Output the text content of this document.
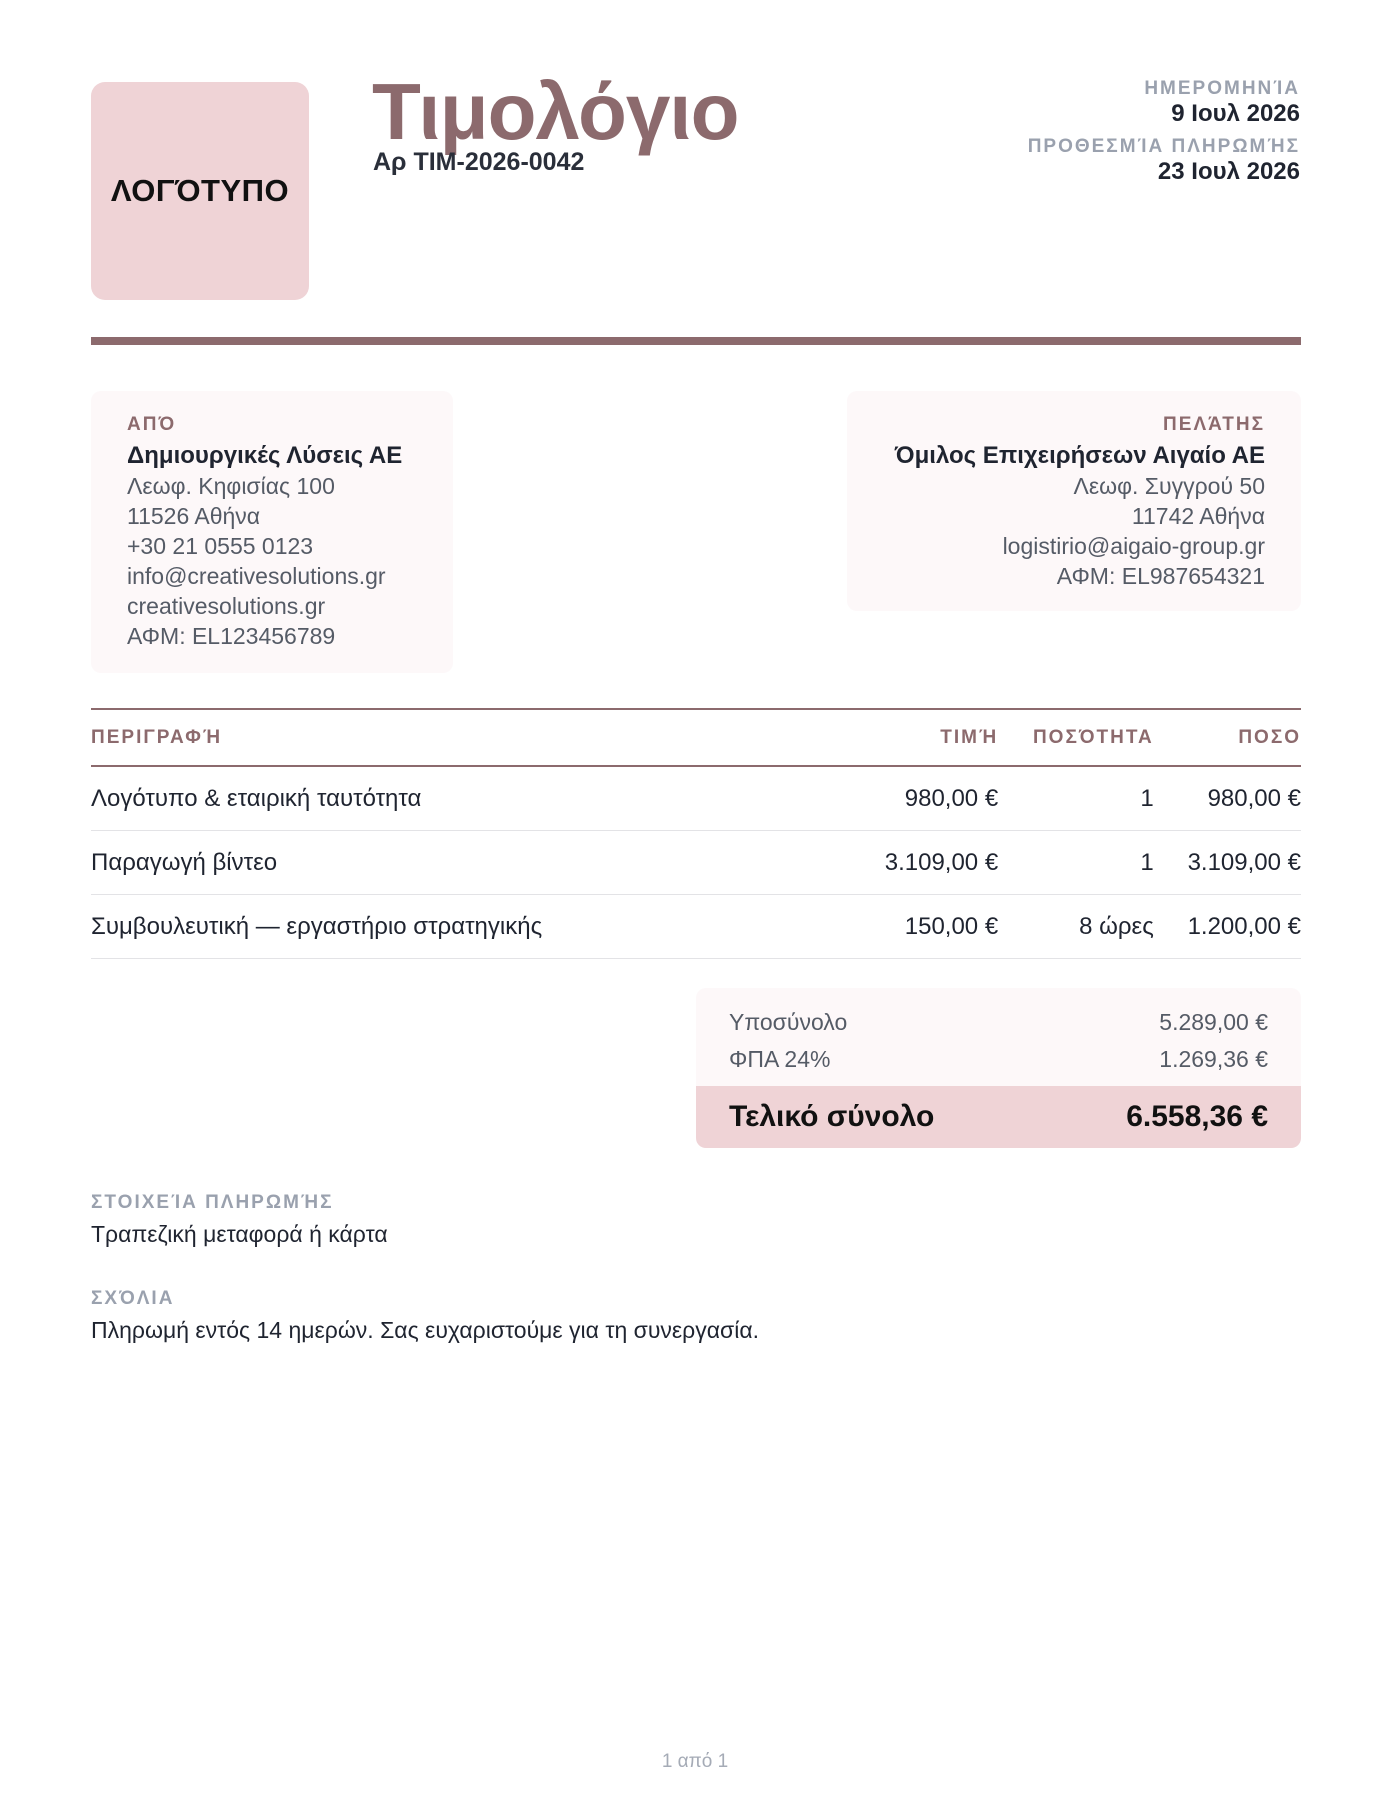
ΛΟΓΌΤΥΠΟ
Τιμολόγιο
Αρ ΤΙΜ-2026-0042
ΗΜΕΡΟΜΗΝΊΑ
9 Ιουλ 2026
ΠΡΟΘΕΣΜΊΑ ΠΛΗΡΩΜΉΣ
23 Ιουλ 2026
ΑΠΌ
Δημιουργικές Λύσεις ΑΕ
Λεωφ. Κηφισίας 100
11526 Αθήνα
+30 21 0555 0123
info@creativesolutions.gr
creativesolutions.gr
ΑΦΜ: EL123456789
ΠΕΛΆΤΗΣ
Όμιλος Επιχειρήσεων Αιγαίο ΑΕ
Λεωφ. Συγγρού 50
11742 Αθήνα
logistirio@aigaio-group.gr
ΑΦΜ: EL987654321
ΠΕΡΙΓΡΑΦΉ	ΤΙΜΉ	ΠΟΣΌΤΗΤΑ	ΠΟΣΟ
Λογότυπο & εταιρική ταυτότητα	980,00 €	1	980,00 €
Παραγωγή βίντεο	3.109,00 €	1	3.109,00 €
Συμβουλευτική — εργαστήριο στρατηγικής	150,00 €	8 ώρες	1.200,00 €
Υποσύνολο	5.289,00 €
ΦΠΑ 24%	1.269,36 €
Τελικό σύνολο	6.558,36 €
ΣΤΟΙΧΕΊΑ ΠΛΗΡΩΜΉΣ
Τραπεζική μεταφορά ή κάρτα
ΣΧΌΛΙΑ
Πληρωμή εντός 14 ημερών. Σας ευχαριστούμε για τη συνεργασία.
1 από 1
